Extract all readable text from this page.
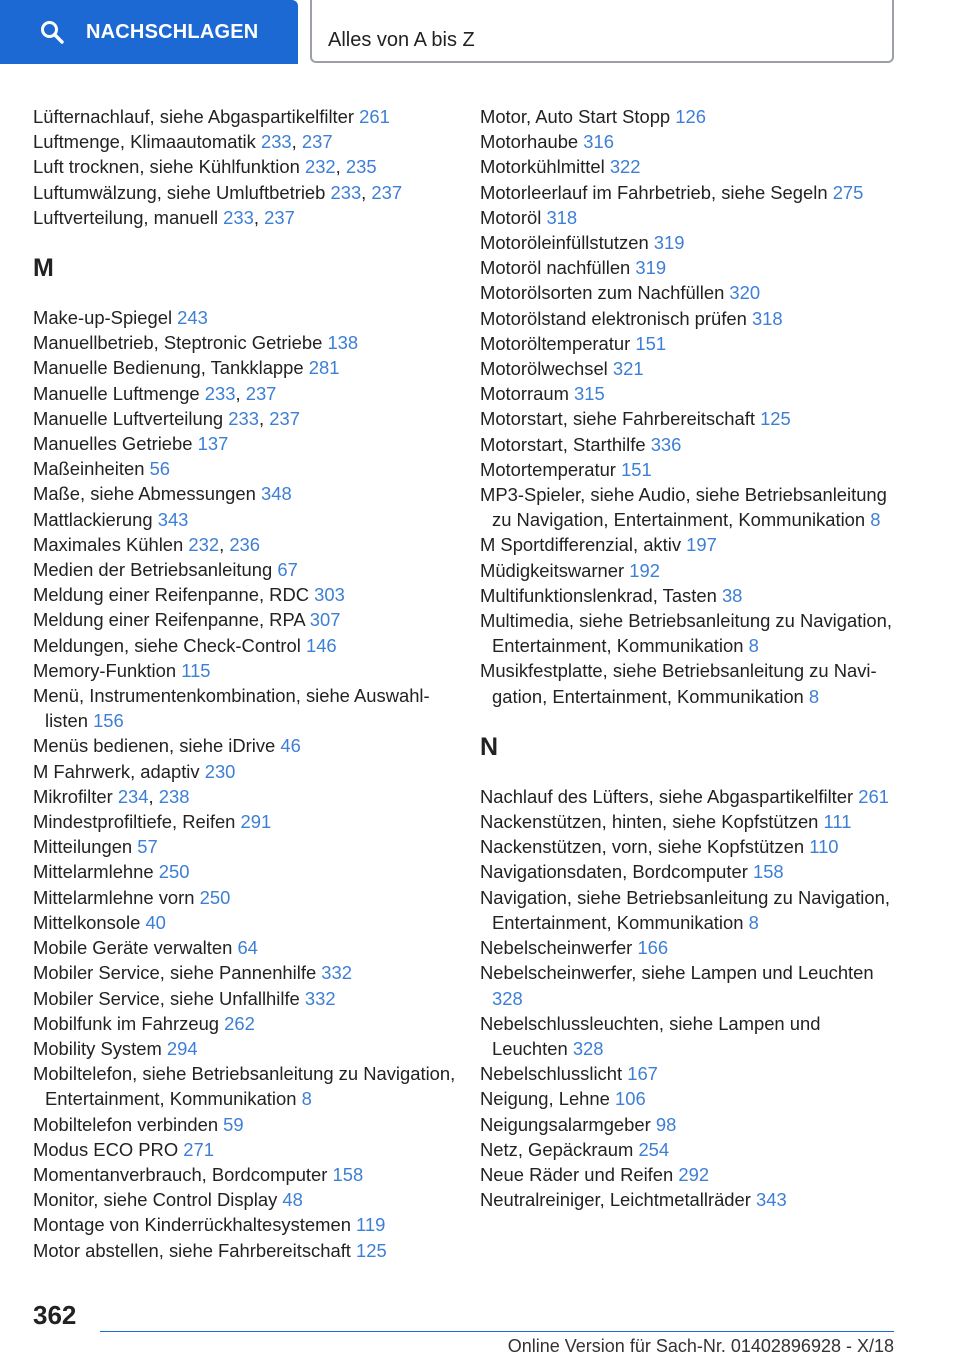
NACHSCHLAGEN	Alles von A bis Z
Lüfternachlauf, siehe Abgaspartikelfilter 261
Luftmenge, Klimaautomatik 233, 237
Luft trocknen, siehe Kühlfunktion 232, 235
Luftumwälzung, siehe Umluftbetrieb 233, 237
Luftverteilung, manuell 233, 237
M
Make-up-Spiegel 243
Manuellbetrieb, Steptronic Getriebe 138
Manuelle Bedienung, Tankklappe 281
Manuelle Luftmenge 233, 237
Manuelle Luftverteilung 233, 237
Manuelles Getriebe 137
Maßeinheiten 56
Maße, siehe Abmessungen 348
Mattlackierung 343
Maximales Kühlen 232, 236
Medien der Betriebsanleitung 67
Meldung einer Reifenpanne, RDC 303
Meldung einer Reifenpanne, RPA 307
Meldungen, siehe Check-Control 146
Memory-Funktion 115
Menü, Instrumentenkombination, siehe Auswahllisten 156
Menüs bedienen, siehe iDrive 46
M Fahrwerk, adaptiv 230
Mikrofilter 234, 238
Mindestprofiltiefe, Reifen 291
Mitteilungen 57
Mittelarmlehne 250
Mittelarmlehne vorn 250
Mittelkonsole 40
Mobile Geräte verwalten 64
Mobiler Service, siehe Pannenhilfe 332
Mobiler Service, siehe Unfallhilfe 332
Mobilfunk im Fahrzeug 262
Mobility System 294
Mobiltelefon, siehe Betriebsanleitung zu Navigation, Entertainment, Kommunikation 8
Mobiltelefon verbinden 59
Modus ECO PRO 271
Momentanverbrauch, Bordcomputer 158
Monitor, siehe Control Display 48
Montage von Kinderrückhaltesystemen 119
Motor abstellen, siehe Fahrbereitschaft 125
Motor, Auto Start Stopp 126
Motorhaube 316
Motorkühlmittel 322
Motorleerlauf im Fahrbetrieb, siehe Segeln 275
Motoröl 318
Motoröleinfüllstutzen 319
Motoröl nachfüllen 319
Motorölsorten zum Nachfüllen 320
Motorölstand elektronisch prüfen 318
Motoröltemperatur 151
Motorölwechsel 321
Motorraum 315
Motorstart, siehe Fahrbereitschaft 125
Motorstart, Starthilfe 336
Motortemperatur 151
MP3-Spieler, siehe Audio, siehe Betriebsanleitung zu Navigation, Entertainment, Kommunikation 8
M Sportdifferenzial, aktiv 197
Müdigkeitswarner 192
Multifunktionslenkrad, Tasten 38
Multimedia, siehe Betriebsanleitung zu Navigation, Entertainment, Kommunikation 8
Musikfestplatte, siehe Betriebsanleitung zu Navigation, Entertainment, Kommunikation 8
N
Nachlauf des Lüfters, siehe Abgaspartikelfilter 261
Nackenstützen, hinten, siehe Kopfstützen 111
Nackenstützen, vorn, siehe Kopfstützen 110
Navigationsdaten, Bordcomputer 158
Navigation, siehe Betriebsanleitung zu Navigation, Entertainment, Kommunikation 8
Nebelscheinwerfer 166
Nebelscheinwerfer, siehe Lampen und Leuchten 328
Nebelschlussleuchten, siehe Lampen und Leuchten 328
Nebelschlusslicht 167
Neigung, Lehne 106
Neigungsalarmgeber 98
Netz, Gepäckraum 254
Neue Räder und Reifen 292
Neutralreiniger, Leichtmetallräder 343
362
Online Version für Sach-Nr. 01402896928 - X/18
